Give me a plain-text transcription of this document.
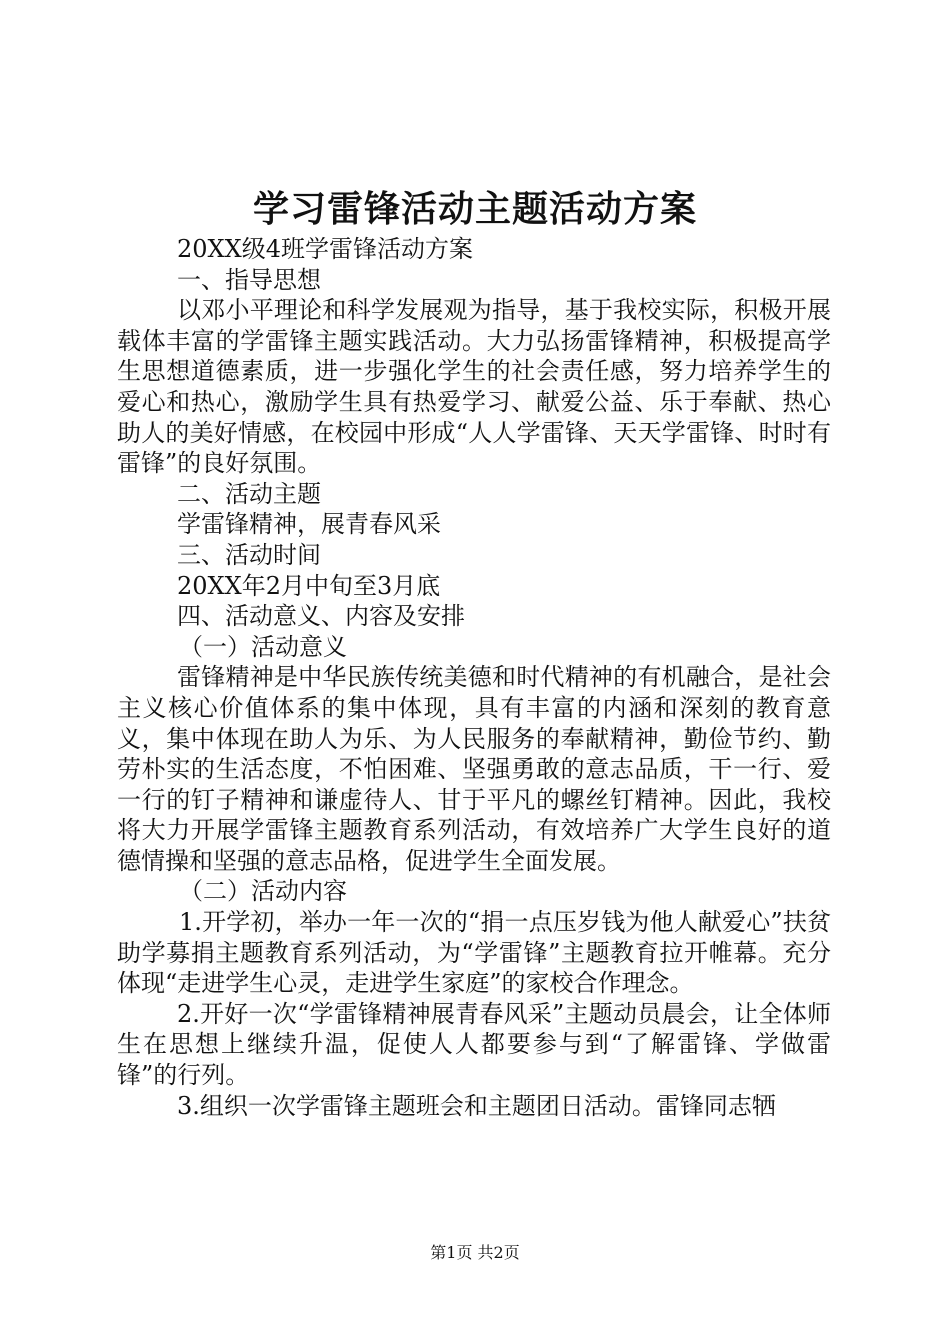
学习雷锋活动主题活动方案

20XX级4班学雷锋活动方案

一、指导思想

以邓小平理论和科学发展观为指导，基于我校实际，积极开展载体丰富的学雷锋主题实践活动。大力弘扬雷锋精神，积极提高学生思想道德素质，进一步强化学生的社会责任感，努力培养学生的爱心和热心，激励学生具有热爱学习、献爱公益、乐于奉献、热心助人的美好情感，在校园中形成“人人学雷锋、天天学雷锋、时时有雷锋”的良好氛围。

二、活动主题

学雷锋精神，展青春风采

三、活动时间

20XX年2月中旬至3月底

四、活动意义、内容及安排

（一）活动意义

雷锋精神是中华民族传统美德和时代精神的有机融合，是社会主义核心价值体系的集中体现，具有丰富的内涵和深刻的教育意义，集中体现在助人为乐、为人民服务的奉献精神，勤俭节约、勤劳朴实的生活态度，不怕困难、坚强勇敢的意志品质，干一行、爱一行的钉子精神和谦虚待人、甘于平凡的螺丝钉精神。因此，我校将大力开展学雷锋主题教育系列活动，有效培养广大学生良好的道德情操和坚强的意志品格，促进学生全面发展。

（二）活动内容

1.开学初，举办一年一次的“捐一点压岁钱为他人献爱心”扶贫助学募捐主题教育系列活动，为“学雷锋”主题教育拉开帷幕。充分体现“走进学生心灵，走进学生家庭”的家校合作理念。

2.开好一次“学雷锋精神展青春风采”主题动员晨会，让全体师生在思想上继续升温，促使人人都要参与到“了解雷锋、学做雷锋”的行列。

3.组织一次学雷锋主题班会和主题团日活动。雷锋同志牺

第1页 共2页
